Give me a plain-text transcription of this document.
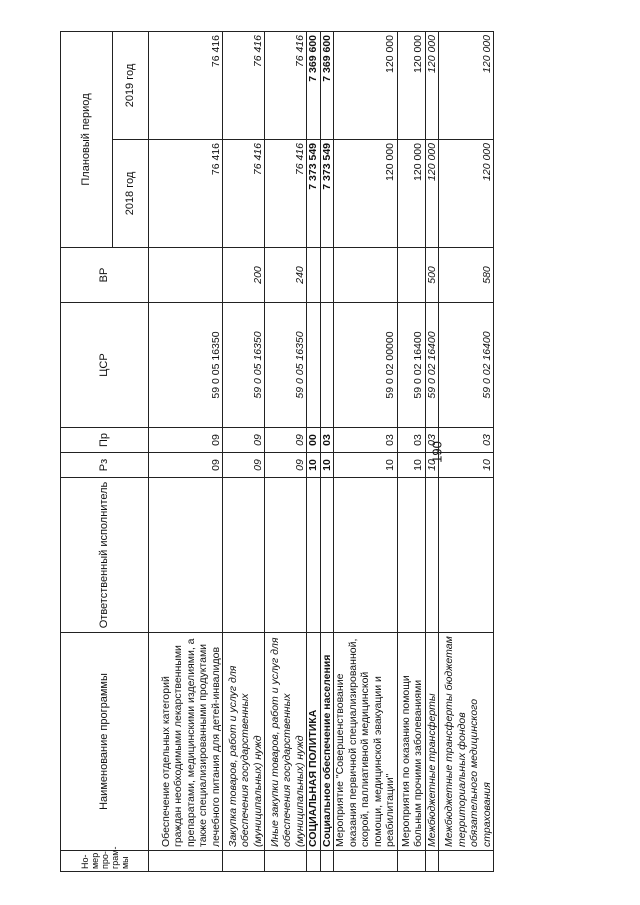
190
Но-мер про-грам-мы	Наименование программы	Ответственный исполнитель	Рз	Пр	ЦСР	ВР	Плановый период	
							2018 год	2019 год
	Обеспечение отдельных категорий граждан необходимыми лекарственными препаратами, медицинскими изделиями, а также специализированными продуктами лечебного питания для детей-инвалидов		09	09	59 0 05 16350		76 416	76 416
	Закупка товаров, работ и услуг для обеспечения государственных (муниципальных) нужд		09	09	59 0 05 16350	200	76 416	76 416
	Иные закупки товаров, работ и услуг для обеспечения государственных (муниципальных) нужд		09	09	59 0 05 16350	240	76 416	76 416
	СОЦИАЛЬНАЯ ПОЛИТИКА		10	00			7 373 549	7 369 600
	Социальное обеспечение населения		10	03			7 373 549	7 369 600
	Мероприятие "Совершенствование оказания первичной специализированной, скорой, паллиативной медицинской помощи, медицинской эвакуации и реабилитации"		10	03	59 0 02 00000		120 000	120 000
	Мероприятия по оказанию помощи больным прочими заболеваниями		10	03	59 0 02 16400		120 000	120 000
	Межбюджетные трансферты		10	03	59 0 02 16400	500	120 000	120 000
	Межбюджетные трансферты бюджетам территориальных фондов обязательного медицинского страхования		10	03	59 0 02 16400	580	120 000	120 000
